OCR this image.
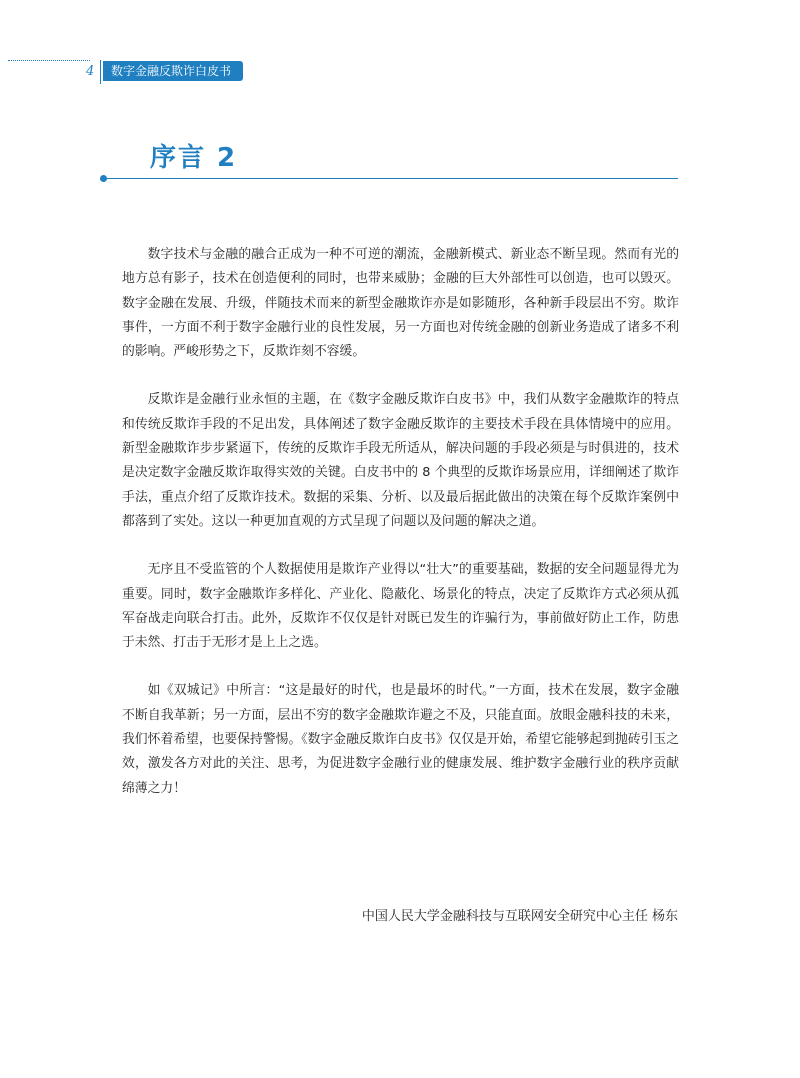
4	数字金融反欺诈白皮书
序言 2

数字技术与金融的融合正成为一种不可逆的潮流，金融新模式、新业态不断呈现。然而有光的地方总有影子，技术在创造便利的同时，也带来威胁；金融的巨大外部性可以创造，也可以毁灭。数字金融在发展、升级，伴随技术而来的新型金融欺诈亦是如影随形，各种新手段层出不穷。欺诈事件，一方面不利于数字金融行业的良性发展，另一方面也对传统金融的创新业务造成了诸多不利的影响。严峻形势之下，反欺诈刻不容缓。

反欺诈是金融行业永恒的主题，在《数字金融反欺诈白皮书》中，我们从数字金融欺诈的特点和传统反欺诈手段的不足出发，具体阐述了数字金融反欺诈的主要技术手段在具体情境中的应用。新型金融欺诈步步紧逼下，传统的反欺诈手段无所适从，解决问题的手段必须是与时俱进的，技术是决定数字金融反欺诈取得实效的关键。白皮书中的 8 个典型的反欺诈场景应用，详细阐述了欺诈手法，重点介绍了反欺诈技术。数据的采集、分析、以及最后据此做出的决策在每个反欺诈案例中都落到了实处。这以一种更加直观的方式呈现了问题以及问题的解决之道。

无序且不受监管的个人数据使用是欺诈产业得以“壮大”的重要基础，数据的安全问题显得尤为重要。同时，数字金融欺诈多样化、产业化、隐蔽化、场景化的特点，决定了反欺诈方式必须从孤军奋战走向联合打击。此外，反欺诈不仅仅是针对既已发生的诈骗行为，事前做好防止工作，防患于未然、打击于无形才是上上之选。

如《双城记》中所言：“这是最好的时代，也是最坏的时代。”一方面，技术在发展，数字金融不断自我革新；另一方面，层出不穷的数字金融欺诈避之不及，只能直面。放眼金融科技的未来，我们怀着希望，也要保持警惕。《数字金融反欺诈白皮书》仅仅是开始，希望它能够起到抛砖引玉之效，激发各方对此的关注、思考，为促进数字金融行业的健康发展、维护数字金融行业的秩序贡献绵薄之力！

中国人民大学金融科技与互联网安全研究中心主任 杨东
